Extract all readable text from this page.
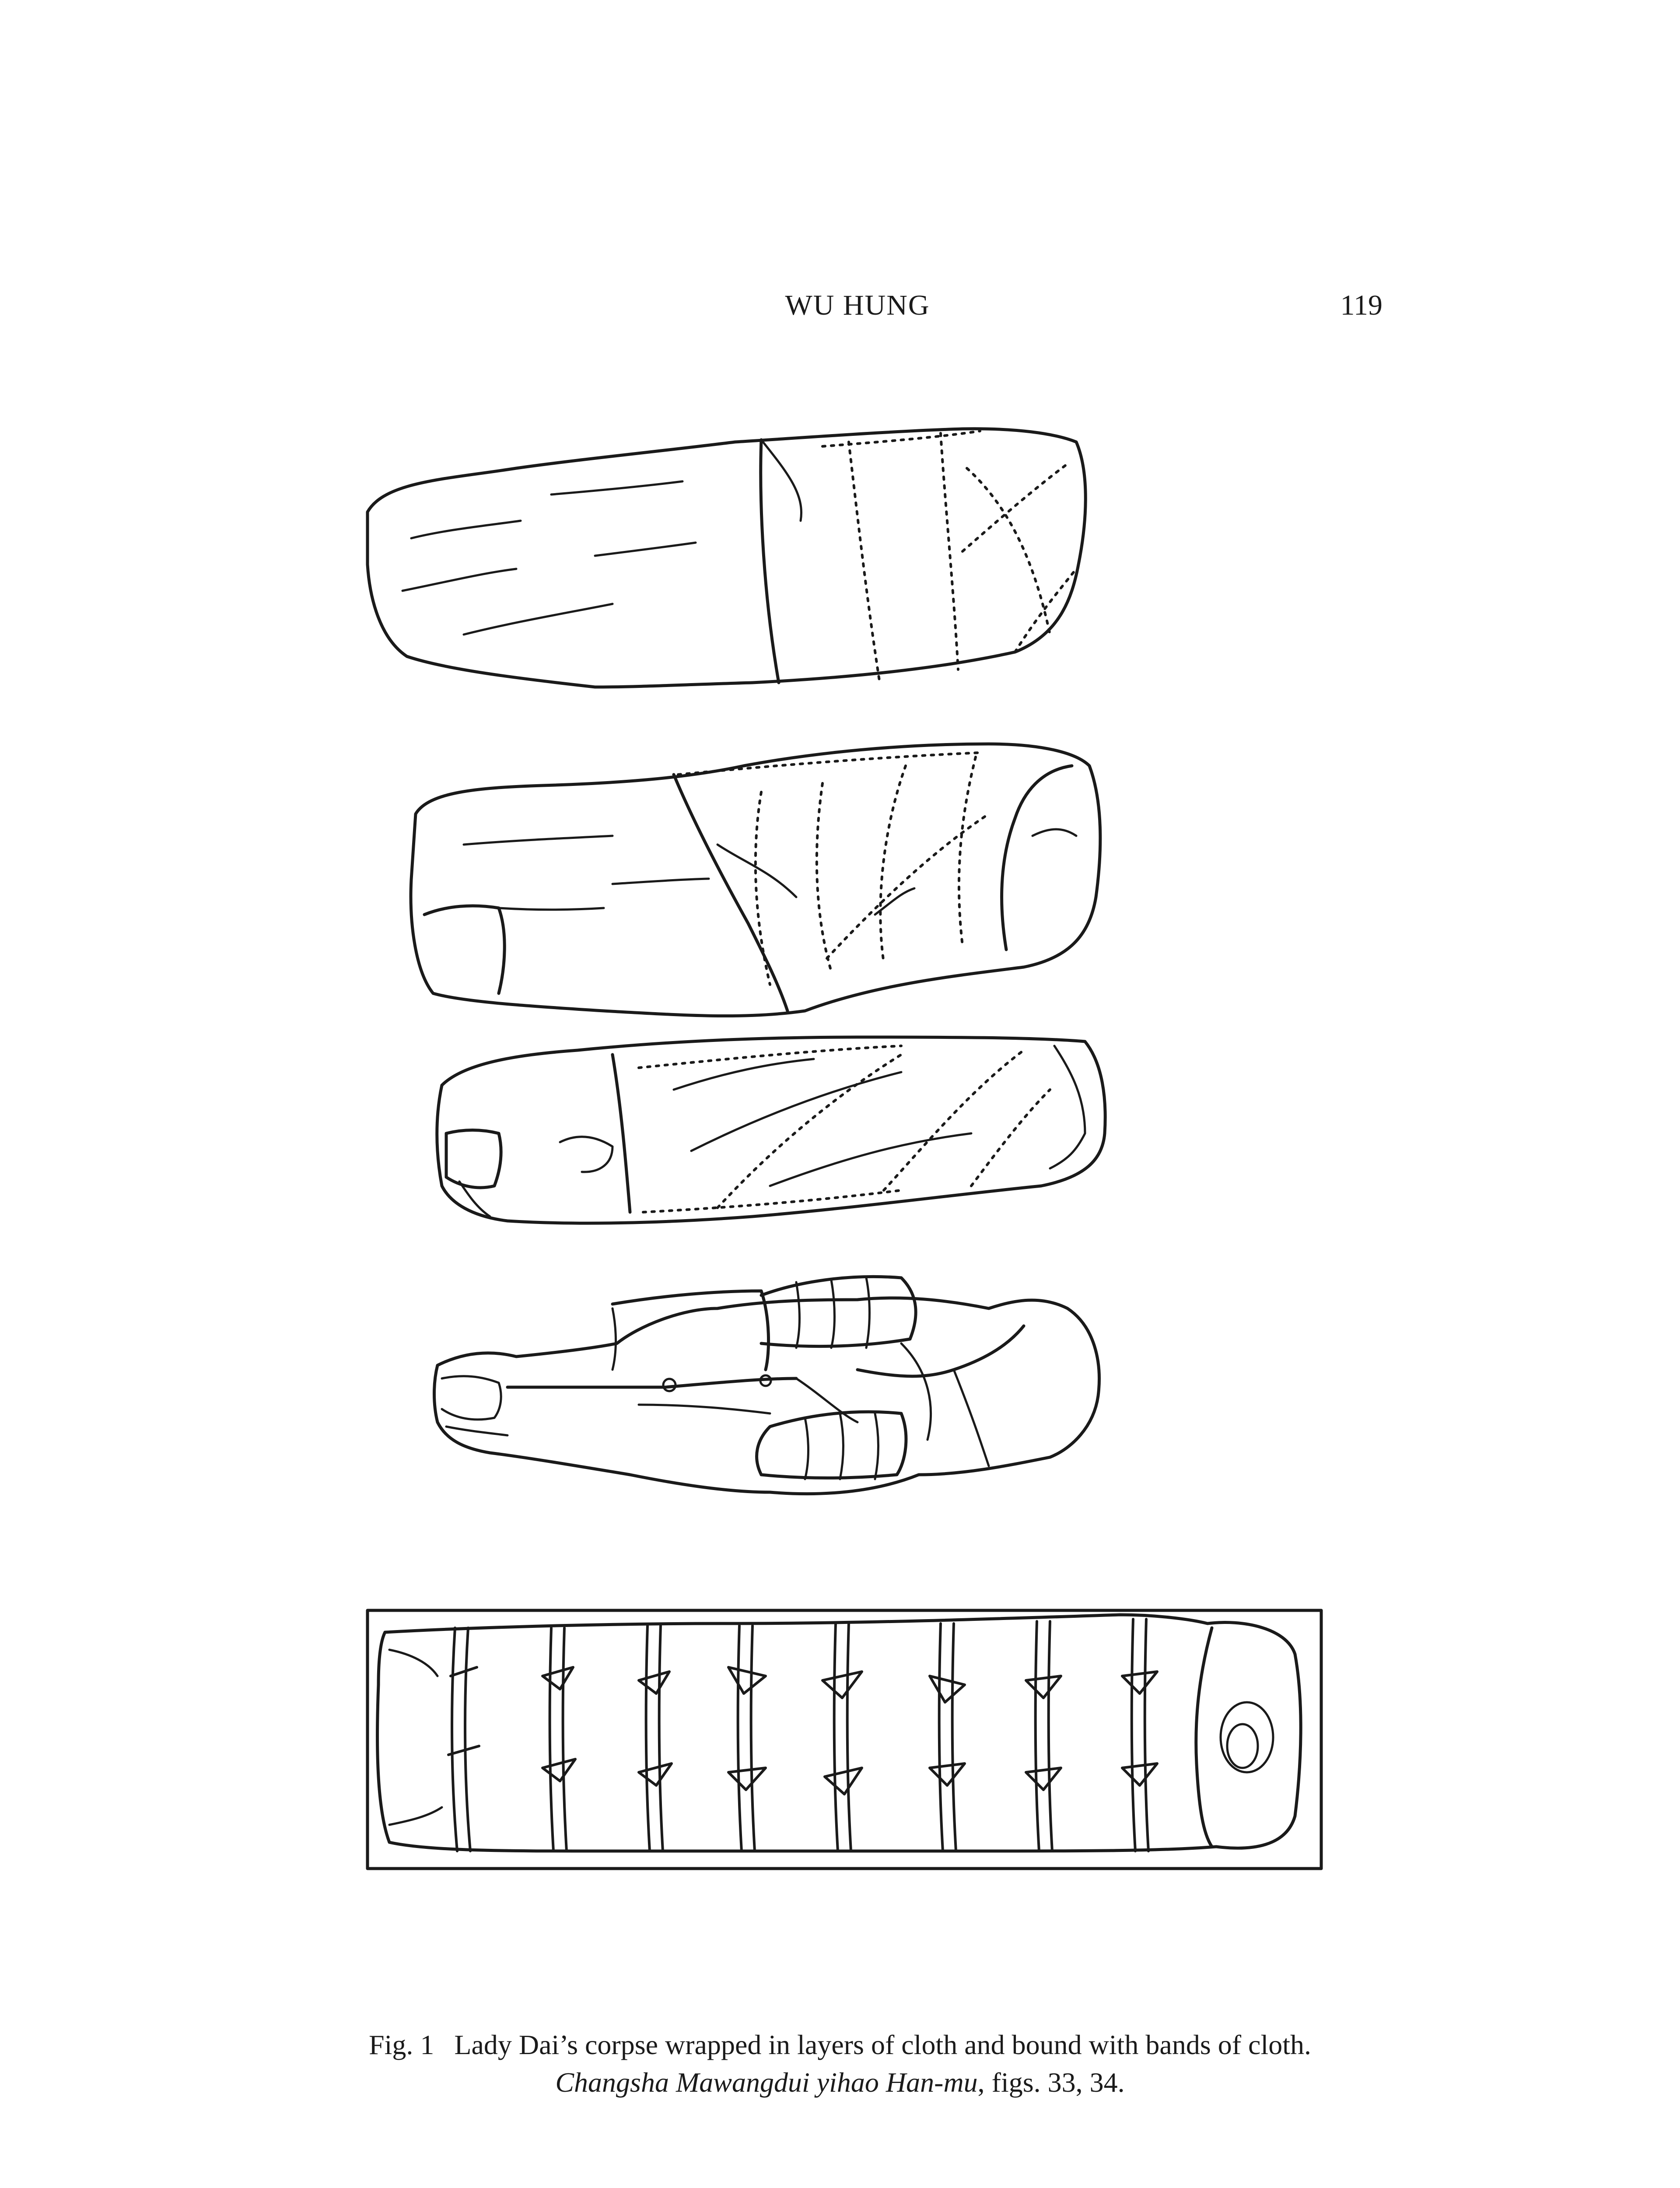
WU HUNG	119
Fig. 1 Lady Dai’s corpse wrapped in layers of cloth and bound with bands of cloth.
Changsha Mawangdui yihao Han-mu, figs. 33, 34.
